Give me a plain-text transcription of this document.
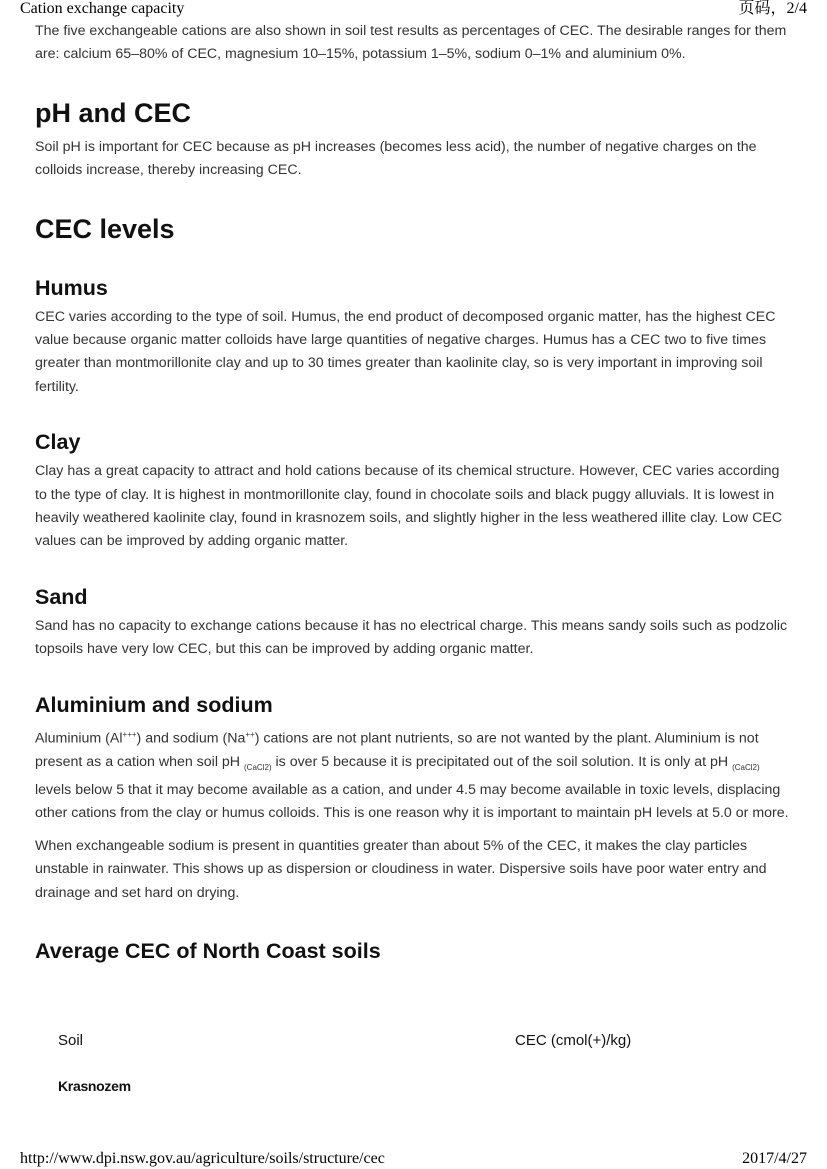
Cation exchange capacity	页码，2/4

The five exchangeable cations are also shown in soil test results as percentages of CEC. The desirable ranges for them are: calcium 65–80% of CEC, magnesium 10–15%, potassium 1–5%, sodium 0–1% and aluminium 0%.

pH and CEC

Soil pH is important for CEC because as pH increases (becomes less acid), the number of negative charges on the colloids increase, thereby increasing CEC.

CEC levels
Humus

CEC varies according to the type of soil. Humus, the end product of decomposed organic matter, has the highest CEC value because organic matter colloids have large quantities of negative charges. Humus has a CEC two to five times greater than montmorillonite clay and up to 30 times greater than kaolinite clay, so is very important in improving soil fertility.

Clay

Clay has a great capacity to attract and hold cations because of its chemical structure. However, CEC varies according to the type of clay. It is highest in montmorillonite clay, found in chocolate soils and black puggy alluvials. It is lowest in heavily weathered kaolinite clay, found in krasnozem soils, and slightly higher in the less weathered illite clay. Low CEC values can be improved by adding organic matter.

Sand

Sand has no capacity to exchange cations because it has no electrical charge. This means sandy soils such as podzolic topsoils have very low CEC, but this can be improved by adding organic matter.

Aluminium and sodium

Aluminium (Al+++) and sodium (Na++) cations are not plant nutrients, so are not wanted by the plant. Aluminium is not present as a cation when soil pH $_{(CaCl2)}$ is over 5 because it is precipitated out of the soil solution. It is only at pH $_{(CaCl2)}$ levels below 5 that it may become available as a cation, and under 4.5 may become available in toxic levels, displacing other cations from the clay or humus colloids. This is one reason why it is important to maintain pH levels at 5.0 or more.

When exchangeable sodium is present in quantities greater than about 5% of the CEC, it makes the clay particles unstable in rainwater. This shows up as dispersion or cloudiness in water. Dispersive soils have poor water entry and drainage and set hard on drying.

Average CEC of North Coast soils
Soil	CEC (cmol(+)/kg)
Krasnozem
http://www.dpi.nsw.gov.au/agriculture/soils/structure/cec	2017/4/27
